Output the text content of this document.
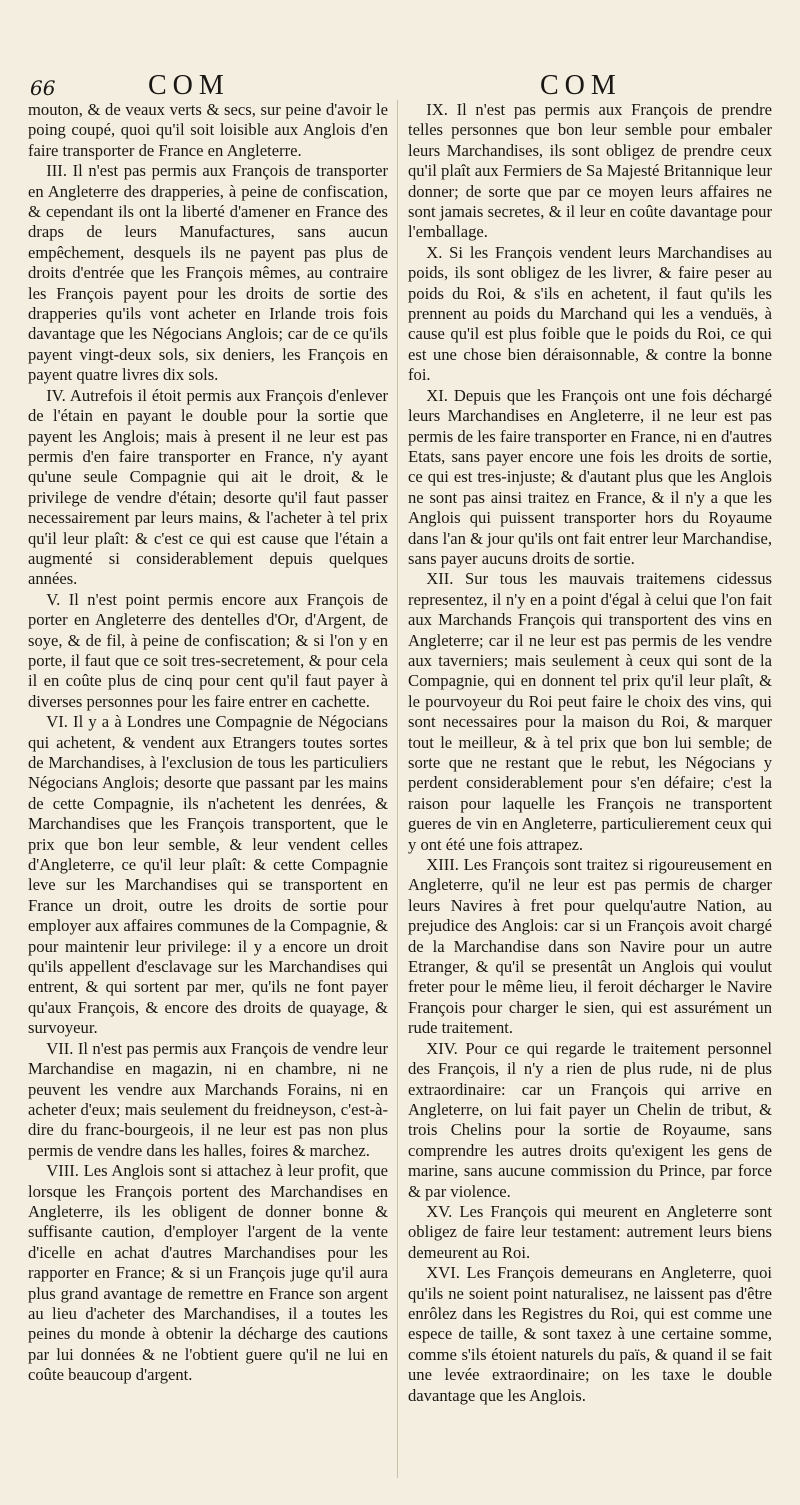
66	COM	COM

mouton, & de veaux verts & secs, sur peine d'avoir le poing coupé, quoi qu'il soit loisible aux Anglois d'en faire transporter de France en Angleterre.

III. Il n'est pas permis aux François de transporter en Angleterre des drapperies, à peine de confiscation, & cependant ils ont la liberté d'amener en France des draps de leurs Manufactures, sans aucun empêchement, desquels ils ne payent pas plus de droits d'entrée que les François mêmes, au contraire les François payent pour les droits de sortie des drapperies qu'ils vont acheter en Irlande trois fois davantage que les Négocians Anglois; car de ce qu'ils payent vingt-deux sols, six deniers, les François en payent quatre livres dix sols.

IV. Autrefois il étoit permis aux François d'enlever de l'étain en payant le double pour la sortie que payent les Anglois; mais à present il ne leur est pas permis d'en faire transporter en France, n'y ayant qu'une seule Compagnie qui ait le droit, & le privilege de vendre d'étain; desorte qu'il faut passer necessairement par leurs mains, & l'acheter à tel prix qu'il leur plaît: & c'est ce qui est cause que l'étain a augmenté si considerablement depuis quelques années.

V. Il n'est point permis encore aux François de porter en Angleterre des dentelles d'Or, d'Argent, de soye, & de fil, à peine de confiscation; & si l'on y en porte, il faut que ce soit tres-secretement, & pour cela il en coûte plus de cinq pour cent qu'il faut payer à diverses personnes pour les faire entrer en cachette.

VI. Il y a à Londres une Compagnie de Négocians qui achetent, & vendent aux Etrangers toutes sortes de Marchandises, à l'exclusion de tous les particuliers Négocians Anglois; desorte que passant par les mains de cette Compagnie, ils n'achetent les denrées, & Marchandises que les François transportent, que le prix que bon leur semble, & leur vendent celles d'Angleterre, ce qu'il leur plaît: & cette Compagnie leve sur les Marchandises qui se transportent en France un droit, outre les droits de sortie pour employer aux affaires communes de la Compagnie, & pour maintenir leur privilege: il y a encore un droit qu'ils appellent d'esclavage sur les Marchandises qui entrent, & qui sortent par mer, qu'ils ne font payer qu'aux François, & encore des droits de quayage, & survoyeur.

VII. Il n'est pas permis aux François de vendre leur Marchandise en magazin, ni en chambre, ni ne peuvent les vendre aux Marchands Forains, ni en acheter d'eux; mais seulement du freidneyson, c'est-à-dire du franc-bourgeois, il ne leur est pas non plus permis de vendre dans les halles, foires & marchez.

VIII. Les Anglois sont si attachez à leur profit, que lorsque les François portent des Marchandises en Angleterre, ils les obligent de donner bonne & suffisante caution, d'employer l'argent de la vente d'icelle en achat d'autres Marchandises pour les rapporter en France; & si un François juge qu'il aura plus grand avantage de remettre en France son argent au lieu d'acheter des Marchandises, il a toutes les peines du monde à obtenir la décharge des cautions par lui données & ne l'obtient guere qu'il ne lui en coûte beaucoup d'argent.

IX. Il n'est pas permis aux François de prendre telles personnes que bon leur semble pour embaler leurs Marchandises, ils sont obligez de prendre ceux qu'il plaît aux Fermiers de Sa Majesté Britannique leur donner; de sorte que par ce moyen leurs affaires ne sont jamais secretes, & il leur en coûte davantage pour l'emballage.

X. Si les François vendent leurs Marchandises au poids, ils sont obligez de les livrer, & faire peser au poids du Roi, & s'ils en achetent, il faut qu'ils les prennent au poids du Marchand qui les a venduës, à cause qu'il est plus foible que le poids du Roi, ce qui est une chose bien déraisonnable, & contre la bonne foi.

XI. Depuis que les François ont une fois déchargé leurs Marchandises en Angleterre, il ne leur est pas permis de les faire transporter en France, ni en d'autres Etats, sans payer encore une fois les droits de sortie, ce qui est tres-injuste; & d'autant plus que les Anglois ne sont pas ainsi traitez en France, & il n'y a que les Anglois qui puissent transporter hors du Royaume dans l'an & jour qu'ils ont fait entrer leur Marchandise, sans payer aucuns droits de sortie.

XII. Sur tous les mauvais traitemens cidessus representez, il n'y en a point d'égal à celui que l'on fait aux Marchands François qui transportent des vins en Angleterre; car il ne leur est pas permis de les vendre aux taverniers; mais seulement à ceux qui sont de la Compagnie, qui en donnent tel prix qu'il leur plaît, & le pourvoyeur du Roi peut faire le choix des vins, qui sont necessaires pour la maison du Roi, & marquer tout le meilleur, & à tel prix que bon lui semble; de sorte que ne restant que le rebut, les Négocians y perdent considerablement pour s'en défaire; c'est la raison pour laquelle les François ne transportent gueres de vin en Angleterre, particulierement ceux qui y ont été une fois attrapez.

XIII. Les François sont traitez si rigoureusement en Angleterre, qu'il ne leur est pas permis de charger leurs Navires à fret pour quelqu'autre Nation, au prejudice des Anglois: car si un François avoit chargé de la Marchandise dans son Navire pour un autre Etranger, & qu'il se presentât un Anglois qui voulut freter pour le même lieu, il feroit décharger le Navire François pour charger le sien, qui est assurément un rude traitement.

XIV. Pour ce qui regarde le traitement personnel des François, il n'y a rien de plus rude, ni de plus extraordinaire: car un François qui arrive en Angleterre, on lui fait payer un Chelin de tribut, & trois Chelins pour la sortie de Royaume, sans comprendre les autres droits qu'exigent les gens de marine, sans aucune commission du Prince, par force & par violence.

XV. Les François qui meurent en Angleterre sont obligez de faire leur testament: autrement leurs biens demeurent au Roi.

XVI. Les François demeurans en Angleterre, quoi qu'ils ne soient point naturalisez, ne laissent pas d'être enrôlez dans les Registres du Roi, qui est comme une espece de taille, & sont taxez à une certaine somme, comme s'ils étoient naturels du païs, & quand il se fait une levée extraordinaire; on les taxe le double davantage que les Anglois.
